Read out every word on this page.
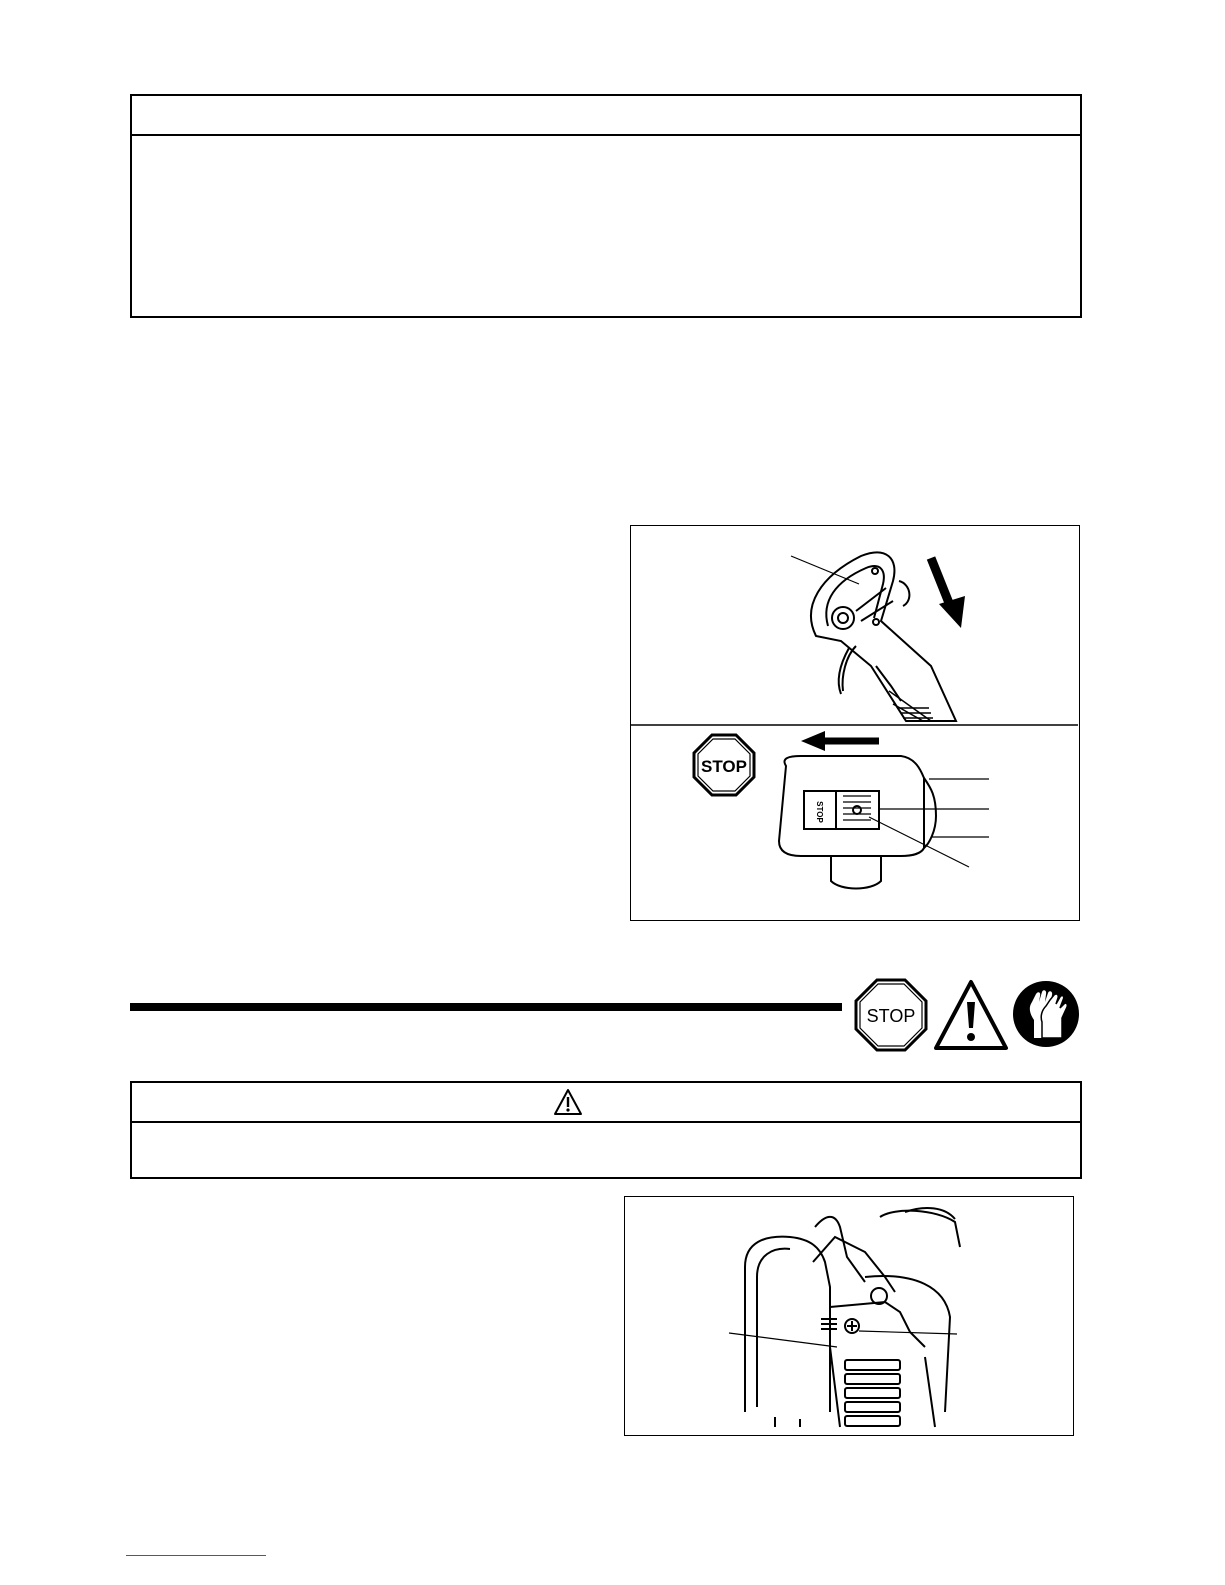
STOP
STOP
STOP
